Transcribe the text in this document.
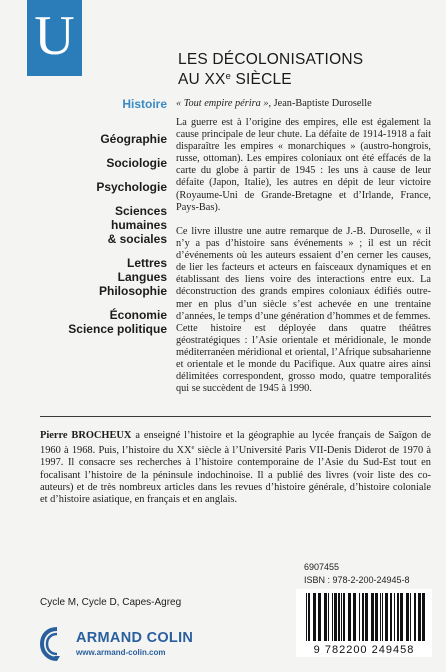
U	LES DÉCOLONISATIONS
AU XXe SIÈCLE
Histoire
Géographie
Sociologie
Psychologie
Sciences
humaines
& sociales
Lettres
Langues
Philosophie
Économie
Science politique
« Tout empire périra », Jean-Baptiste Duroselle

La guerre est à l’origine des empires, elle est également la cause principale de leur chute. La défaite de 1914-1918 a fait disparaître les empires « monarchiques » (austro-hongrois, russe, ottoman). Les empires coloniaux ont été effacés de la carte du globe à partir de 1945 : les uns à cause de leur défaite (Japon, Italie), les autres en dépit de leur victoire (Royaume-Uni de Grande-Bretagne et d’Irlande, France, Pays-Bas).

Ce livre illustre une autre remarque de J.-B. Duroselle, « il n’y a pas d’histoire sans événements » ; il est un récit d’événements où les auteurs essaient d’en cerner les causes, de lier les facteurs et acteurs en faisceaux dynamiques et en établissant des liens voire des interactions entre eux. La déconstruction des grands empires coloniaux édifiés outre-mer en plus d’un siècle s’est achevée en une trentaine d’années, le temps d’une génération d’hommes et de femmes.

Cette histoire est déployée dans quatre théâtres géostratégiques : l’Asie orientale et méridionale, le monde méditerranéen méridional et oriental, l’Afrique subsaharienne et orientale et le monde du Pacifique. Aux quatre aires ainsi délimitées correspondent, grosso modo, quatre temporalités qui se succèdent de 1945 à 1990.

Pierre BROCHEUX a enseigné l’histoire et la géographie au lycée français de Saïgon de 1960 à 1968. Puis, l’histoire du XXe siècle à l’Université Paris VII-Denis Diderot de 1970 à 1997. Il consacre ses recherches à l’histoire contemporaine de l’Asie du Sud-Est tout en focalisant l’histoire de la péninsule indochinoise. Il a publié des livres (voir liste des co-auteurs) et de très nombreux articles dans les revues d’histoire générale, d’histoire coloniale et d’histoire asiatique, en français et en anglais.
6907455
ISBN : 978-2-200-24945-8
9 782200 249458
Cycle M, Cycle D, Capes-Agreg
ARMAND COLIN
www.armand-colin.com
